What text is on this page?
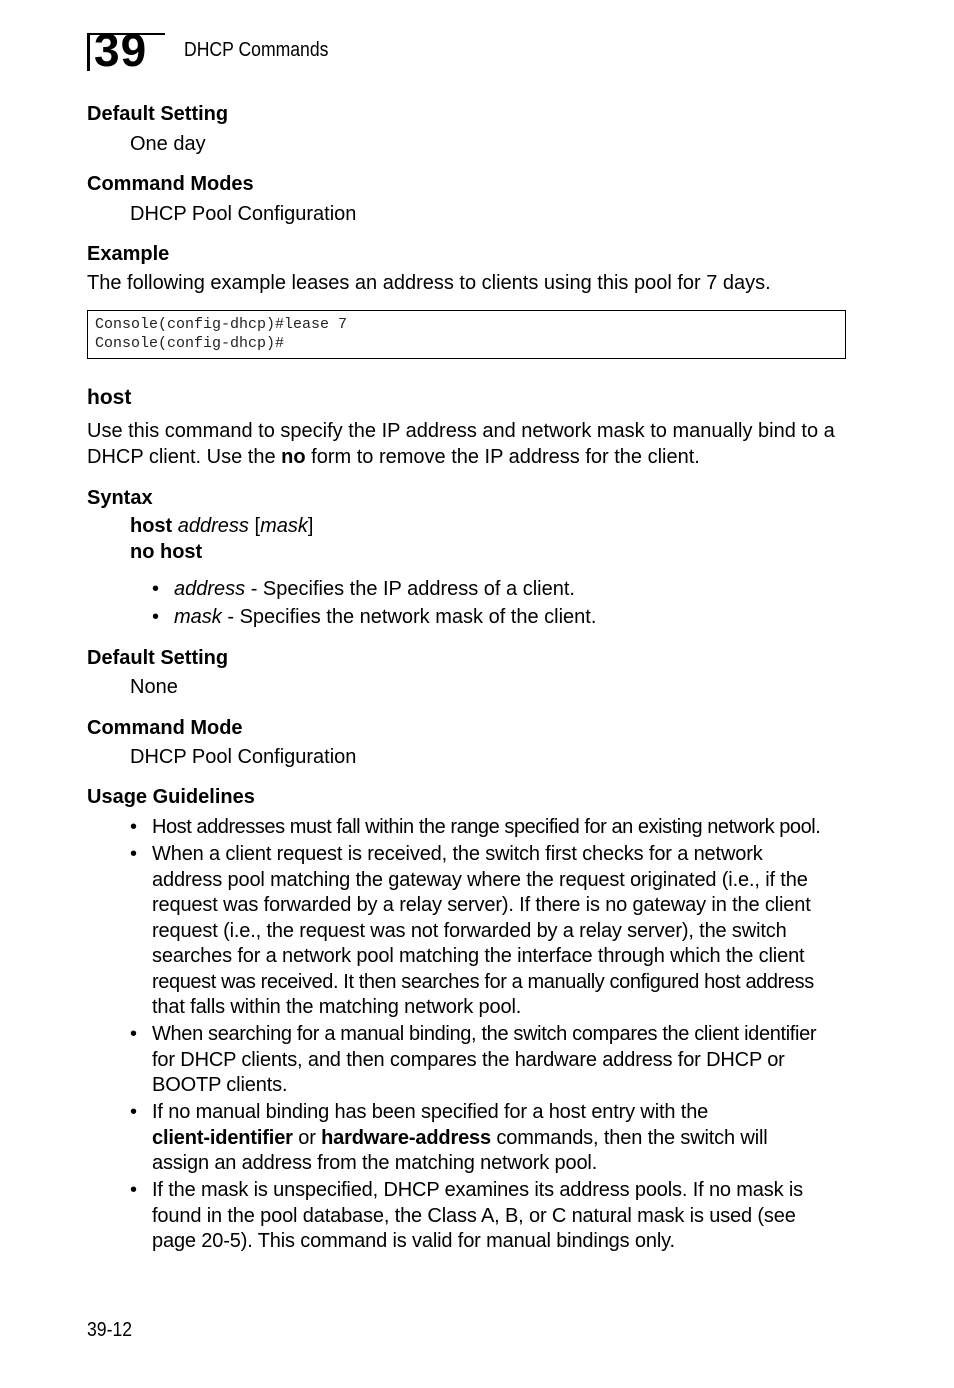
39 DHCP Commands
Default Setting
One day
Command Modes
DHCP Pool Configuration
Example
The following example leases an address to clients using this pool for 7 days.
Console(config-dhcp)#lease 7
Console(config-dhcp)#
host
Use this command to specify the IP address and network mask to manually bind to a
DHCP client. Use the no form to remove the IP address for the client.
Syntax
host address [mask]
no host
• address - Specifies the IP address of a client.
• mask - Specifies the network mask of the client.
Default Setting
None
Command Mode
DHCP Pool Configuration
Usage Guidelines
• Host addresses must fall within the range specified for an existing network pool.
• When a client request is received, the switch first checks for a network
address pool matching the gateway where the request originated (i.e., if the
request was forwarded by a relay server). If there is no gateway in the client
request (i.e., the request was not forwarded by a relay server), the switch
searches for a network pool matching the interface through which the client
request was received. It then searches for a manually configured host address
that falls within the matching network pool.
• When searching for a manual binding, the switch compares the client identifier
for DHCP clients, and then compares the hardware address for DHCP or
BOOTP clients.
• If no manual binding has been specified for a host entry with the
client-identifier or hardware-address commands, then the switch will
assign an address from the matching network pool.
• If the mask is unspecified, DHCP examines its address pools. If no mask is
found in the pool database, the Class A, B, or C natural mask is used (see
page 20-5). This command is valid for manual bindings only.
39-12
